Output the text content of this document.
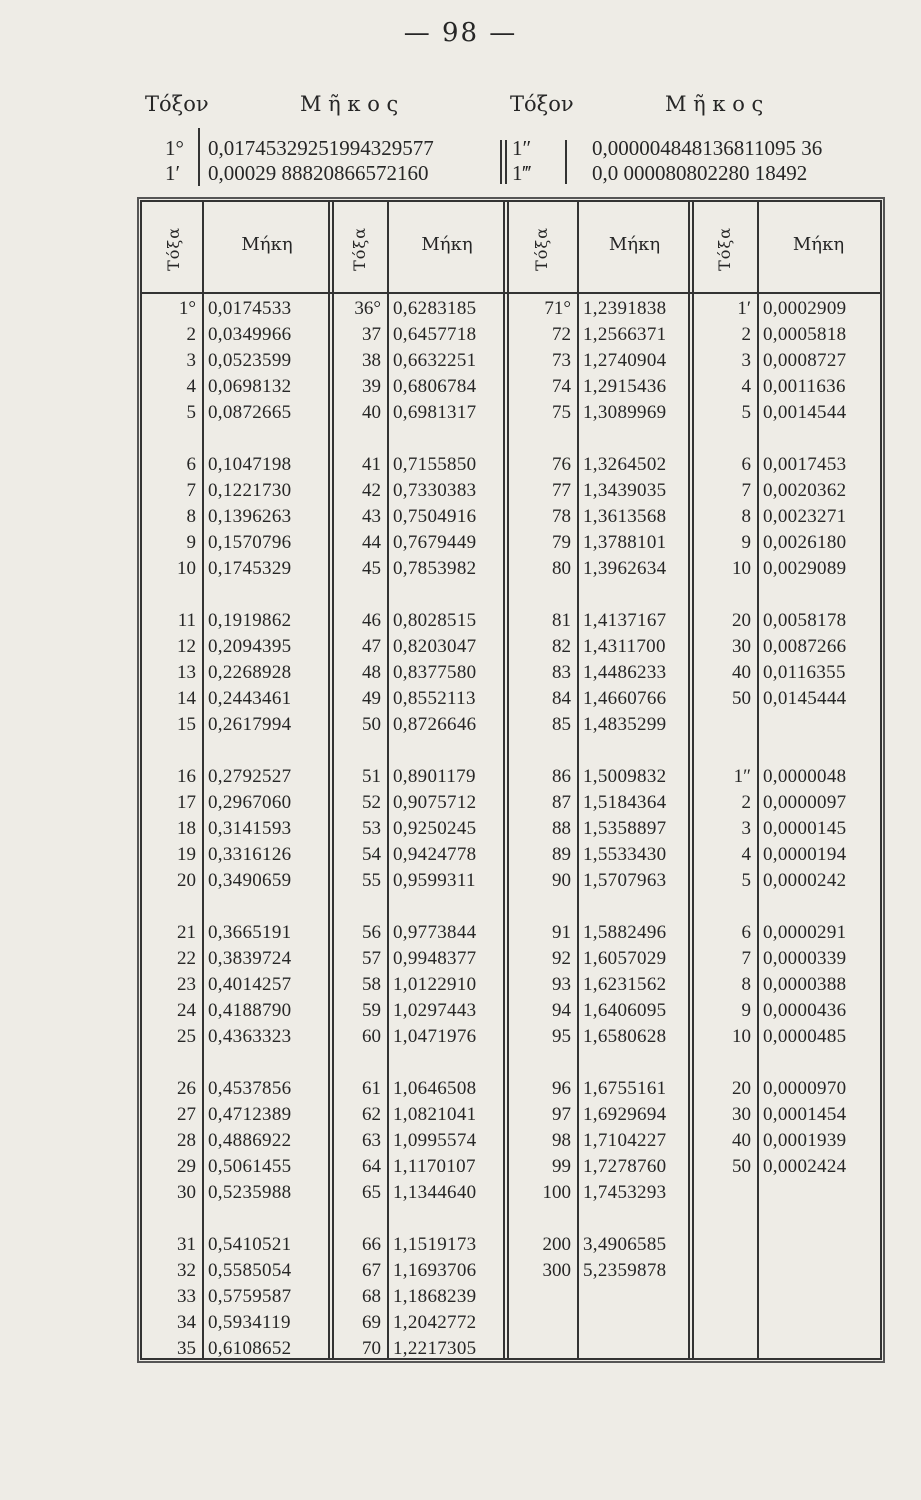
— 98 —
Τόξον	Μ ῆ κ ο ς	Τόξον	Μ ῆ κ ο ς
1° 0,01745329251994329577
1′ 0,00029 88820866572160
1″	0,000004848136811095 36
1‴	0,0 000080802280 18492
Τόξα	Μήκη	Τόξα	Μήκη	Τόξα	Μήκη	Τόξα	Μήκη
1° 0,0174533
2 0,0349966
3 0,0523599
4 0,0698132
5 0,0872665
6 0,1047198
7 0,1221730
8 0,1396263
9 0,1570796
10 0,1745329
11 0,1919862
12 0,2094395
13 0,2268928
14 0,2443461
15 0,2617994
16 0,2792527
17 0,2967060
18 0,3141593
19 0,3316126
20 0,3490659
21 0,3665191
22 0,3839724
23 0,4014257
24 0,4188790
25 0,4363323
26 0,4537856
27 0,4712389
28 0,4886922
29 0,5061455
30 0,5235988
31 0,5410521
32 0,5585054
33 0,5759587
34 0,5934119
35 0,6108652
36° 0,6283185
37 0,6457718
38 0,6632251
39 0,6806784
40 0,6981317
41 0,7155850
42 0,7330383
43 0,7504916
44 0,7679449
45 0,7853982
46 0,8028515
47 0,8203047
48 0,8377580
49 0,8552113
50 0,8726646
51 0,8901179
52 0,9075712
53 0,9250245
54 0,9424778
55 0,9599311
56 0,9773844
57 0,9948377
58 1,0122910
59 1,0297443
60 1,0471976
61 1,0646508
62 1,0821041
63 1,0995574
64 1,1170107
65 1,1344640
66 1,1519173
67 1,1693706
68 1,1868239
69 1,2042772
70 1,2217305
71° 1,2391838
72 1,2566371
73 1,2740904
74 1,2915436
75 1,3089969
76 1,3264502
77 1,3439035
78 1,3613568
79 1,3788101
80 1,3962634
81 1,4137167
82 1,4311700
83 1,4486233
84 1,4660766
85 1,4835299
86 1,5009832
87 1,5184364
88 1,5358897
89 1,5533430
90 1,5707963
91 1,5882496
92 1,6057029
93 1,6231562
94 1,6406095
95 1,6580628
96 1,6755161
97 1,6929694
98 1,7104227
99 1,7278760
100 1,7453293
200 3,4906585
300 5,2359878
1′ 0,0002909
2 0,0005818
3 0,0008727
4 0,0011636
5 0,0014544
6 0,0017453
7 0,0020362
8 0,0023271
9 0,0026180
10 0,0029089
20 0,0058178
30 0,0087266
40 0,0116355
50 0,0145444
1″ 0,0000048
2 0,0000097
3 0,0000145
4 0,0000194
5 0,0000242
6 0,0000291
7 0,0000339
8 0,0000388
9 0,0000436
10 0,0000485
20 0,0000970
30 0,0001454
40 0,0001939
50 0,0002424
